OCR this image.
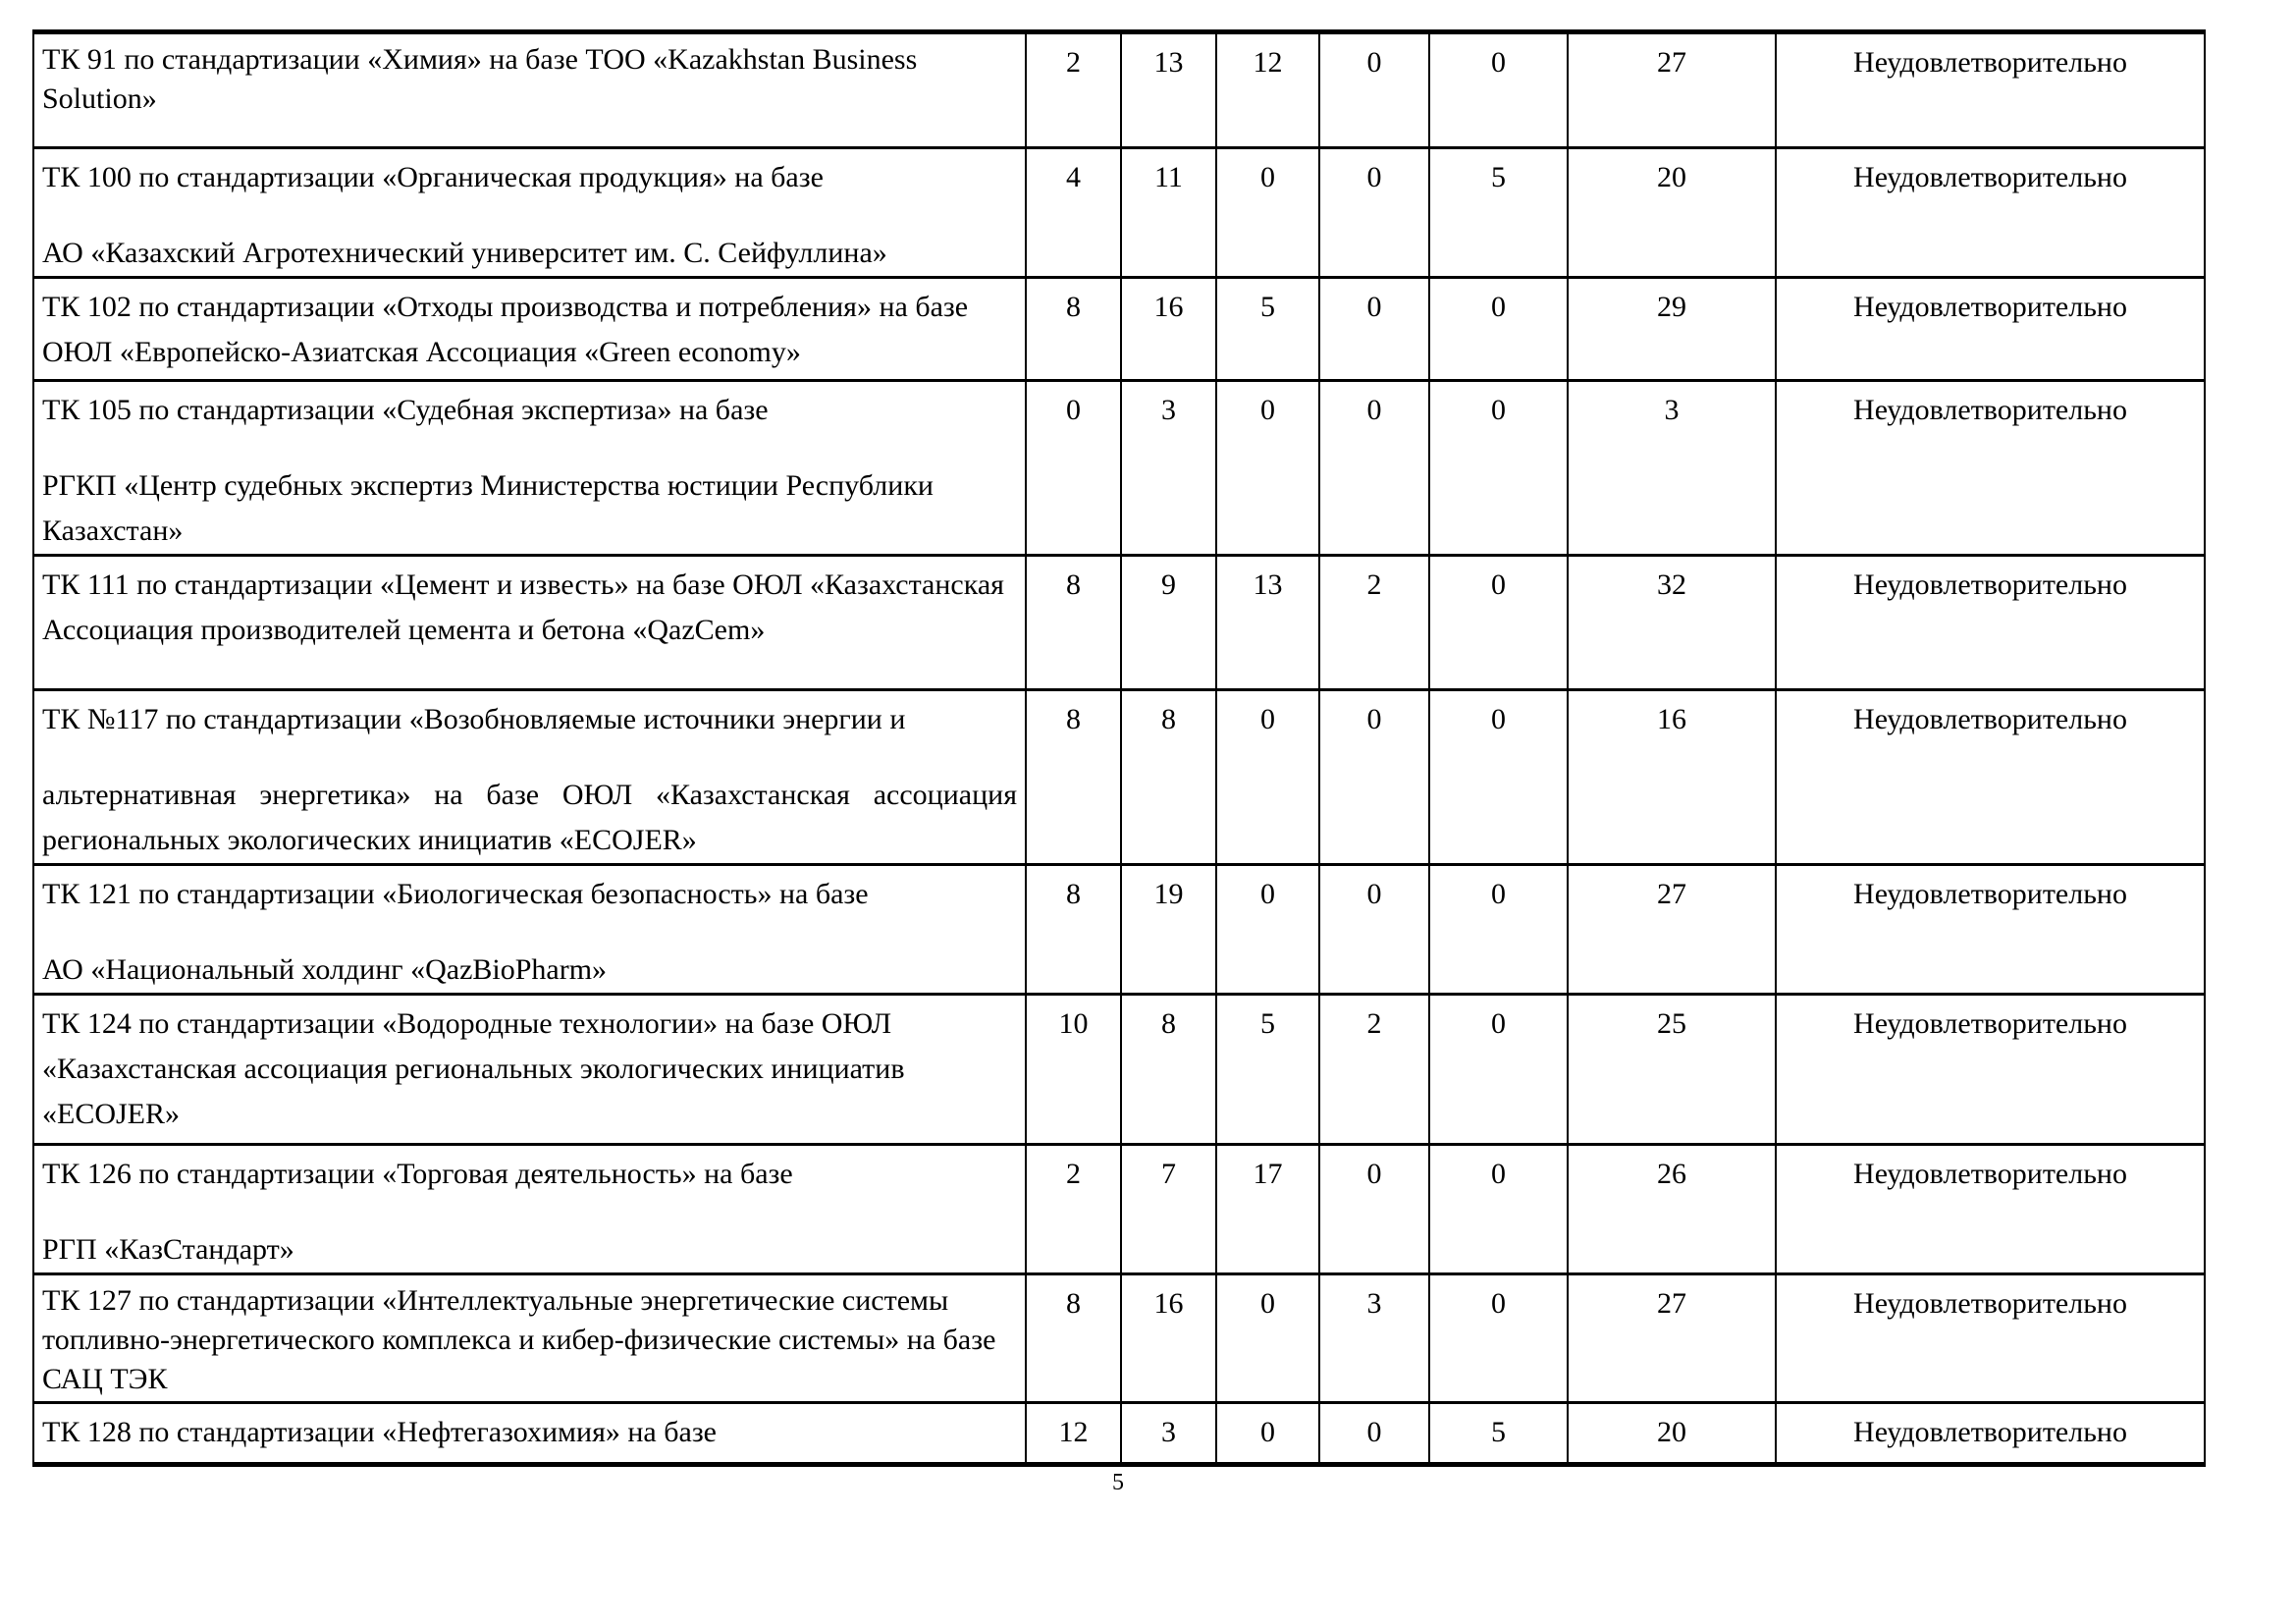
ТК 91 по стандартизации «Химия» на базе ТОО «Kazakhstan Business Solution»	2	13	12	0	0	27	Неудовлетворительно

ТК 100 по стандартизации «Органическая продукция» на базе

АО «Казахский Агротехнический университет им. С. Сейфуллина»	4	11	0	0	5	20	Неудовлетворительно

ТК 102 по стандартизации «Отходы производства и потребления» на базе ОЮЛ «Европейско-Азиатская Ассоциация «Green economy»	8	16	5	0	0	29	Неудовлетворительно

ТК 105 по стандартизации «Судебная экспертиза» на базе

РГКП «Центр судебных экспертиз Министерства юстиции Республики Казахстан»	0	3	0	0	0	3	Неудовлетворительно

ТК 111 по стандартизации «Цемент и известь» на базе ОЮЛ «Казахстанская Ассоциация производителей цемента и бетона «QazCem»	8	9	13	2	0	32	Неудовлетворительно

ТК №117 по стандартизации «Возобновляемые источники энергии и

альтернативная энергетика» на базе ОЮЛ «Казахстанская ассоциация региональных экологических инициатив «ECOJER»	8	8	0	0	0	16	Неудовлетворительно

ТК 121 по стандартизации «Биологическая безопасность» на базе

АО «Национальный холдинг «QazBioPharm»	8	19	0	0	0	27	Неудовлетворительно

ТК 124 по стандартизации «Водородные технологии» на базе ОЮЛ «Казахстанская ассоциация региональных экологических инициатив «ECOJER»	10	8	5	2	0	25	Неудовлетворительно

ТК 126 по стандартизации «Торговая деятельность» на базе

РГП «КазСтандарт»	2	7	17	0	0	26	Неудовлетворительно

ТК 127 по стандартизации «Интеллектуальные энергетические системы топливно-энергетического комплекса и кибер-физические системы» на базе САЦ ТЭК	8	16	0	3	0	27	Неудовлетворительно

ТК 128 по стандартизации «Нефтегазохимия» на базе	12	3	0	0	5	20	Неудовлетворительно
5
